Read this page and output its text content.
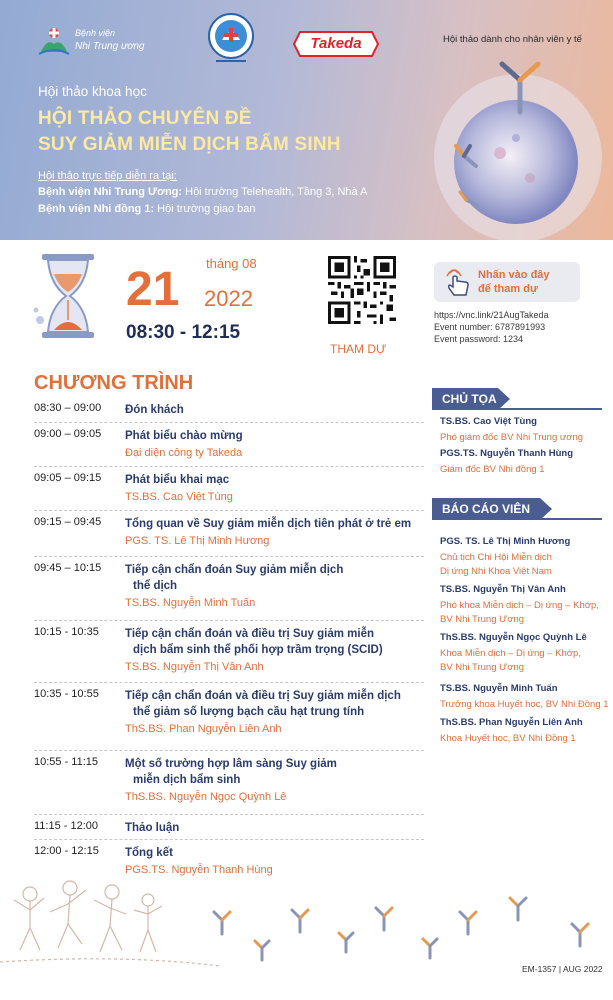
Bệnh viện
Nhi Trung ương	Takeda	Hội thảo dành cho nhân viên y tế
Hội thảo khoa học
HỘI THẢO CHUYÊN ĐỀ
SUY GIẢM MIỄN DỊCH BẨM SINH
Hội thảo trực tiếp diễn ra tại:
Bệnh viện Nhi Trung Ương: Hội trường Telehealth, Tầng 3, Nhà A
Bệnh viện Nhi đồng 1: Hội trường giao ban
21 tháng 08
2022
08:30 - 12:15
THAM DỰ
Nhấn vào đây
để tham dự
https://vnc.link/21AugTakeda
Event number: 6787891993
Event password: 1234
CHƯƠNG TRÌNH
08:30 – 09:00 Đón khách
09:00 – 09:05 Phát biểu chào mừng
Đại diện công ty Takeda
09:05 – 09:15 Phát biểu khai mạc
TS.BS. Cao Việt Tùng
09:15 – 09:45 Tổng quan về Suy giảm miễn dịch tiên phát ở trẻ em
PGS. TS. Lê Thị Minh Hương
09:45 – 10:15 Tiếp cận chẩn đoán Suy giảm miễn dịch
thể dịch
TS.BS. Nguyễn Minh Tuấn
10:15 - 10:35 Tiếp cận chẩn đoán và điều trị Suy giảm miễn
dịch bẩm sinh thể phối hợp trầm trọng (SCID)
TS.BS. Nguyễn Thị Vân Anh
10:35 - 10:55 Tiếp cận chẩn đoán và điều trị Suy giảm miễn dịch
thể giảm số lượng bạch cầu hạt trung tính
ThS.BS. Phan Nguyễn Liên Anh
10:55 - 11:15 Một số trường hợp lâm sàng Suy giảm
miễn dịch bẩm sinh
ThS.BS. Nguyễn Ngọc Quỳnh Lê
11:15 - 12:00 Thảo luận
12:00 - 12:15 Tổng kết
PGS.TS. Nguyễn Thanh Hùng
CHỦ TỌA
TS.BS. Cao Việt Tùng
Phó giám đốc BV Nhi Trung ương
PGS.TS. Nguyễn Thanh Hùng
Giám đốc BV Nhi đồng 1
BÁO CÁO VIÊN
PGS. TS. Lê Thị Minh Hương
Chủ tịch Chi Hội Miễn dịch
Dị ứng Nhi Khoa Việt Nam
TS.BS. Nguyễn Thị Vân Anh
Phó khoa Miễn dịch – Dị ứng – Khớp,
BV Nhi Trung Ương
ThS.BS. Nguyễn Ngọc Quỳnh Lê
Khoa Miễn dịch – Dị ứng – Khớp,
BV Nhi Trung Ương
TS.BS. Nguyễn Minh Tuấn
Trưởng khoa Huyết học, BV Nhi Đồng 1
ThS.BS. Phan Nguyễn Liên Anh
Khoa Huyết học, BV Nhi Đồng 1
EM-1357 | AUG 2022
